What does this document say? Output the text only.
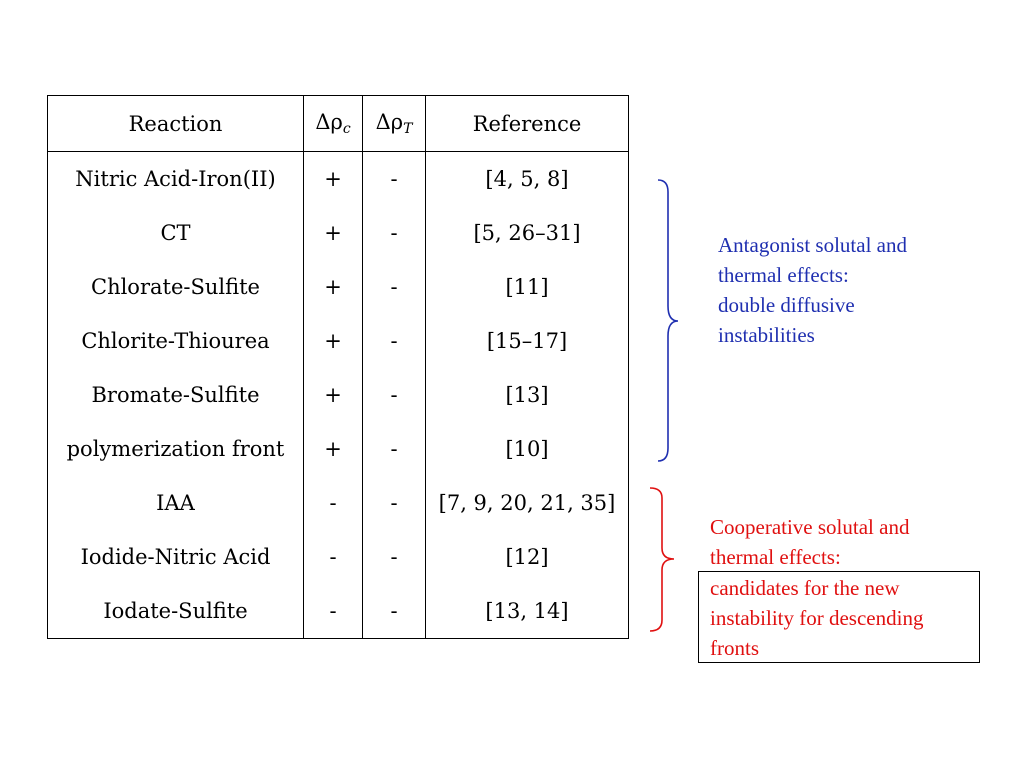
Reaction	$\Delta\rho_c$	$\Delta\rho_T$	Reference
Nitric Acid-Iron(II)	+	-	[4, 5, 8]
CT	+	-	[5, 26–31]
Chlorate-Sulfite	+	-	[11]
Chlorite-Thiourea	+	-	[15–17]
Bromate-Sulfite	+	-	[13]
polymerization front	+	-	[10]
IAA	-	-	[7, 9, 20, 21, 35]
Iodide-Nitric Acid	-	-	[12]
Iodate-Sulfite	-	-	[13, 14]
Antagonist solutal and
thermal effects:
double diffusive
instabilities
Cooperative solutal and
thermal effects:
candidates for the new
instability for descending
fronts
